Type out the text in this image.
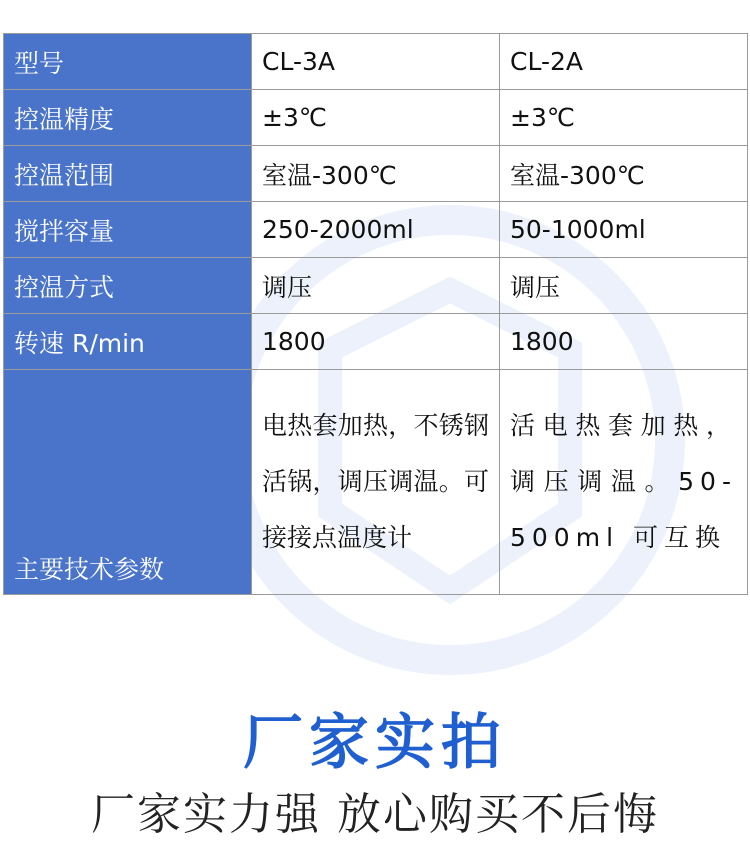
型号	CL-3A	CL-2A
控温精度	±3℃	±3℃
控温范围	室温-300℃	室温-300℃
搅拌容量	250-2000ml	50-1000ml
控温方式	调压	调压
转速 R/min	1800	1800
主要技术参数	电热套加热，不锈钢活锅，调压调温。可接接点温度计	活电热套加热，调压调温。50-500ml 可互换
厂家实拍
厂家实力强 放心购买不后悔
